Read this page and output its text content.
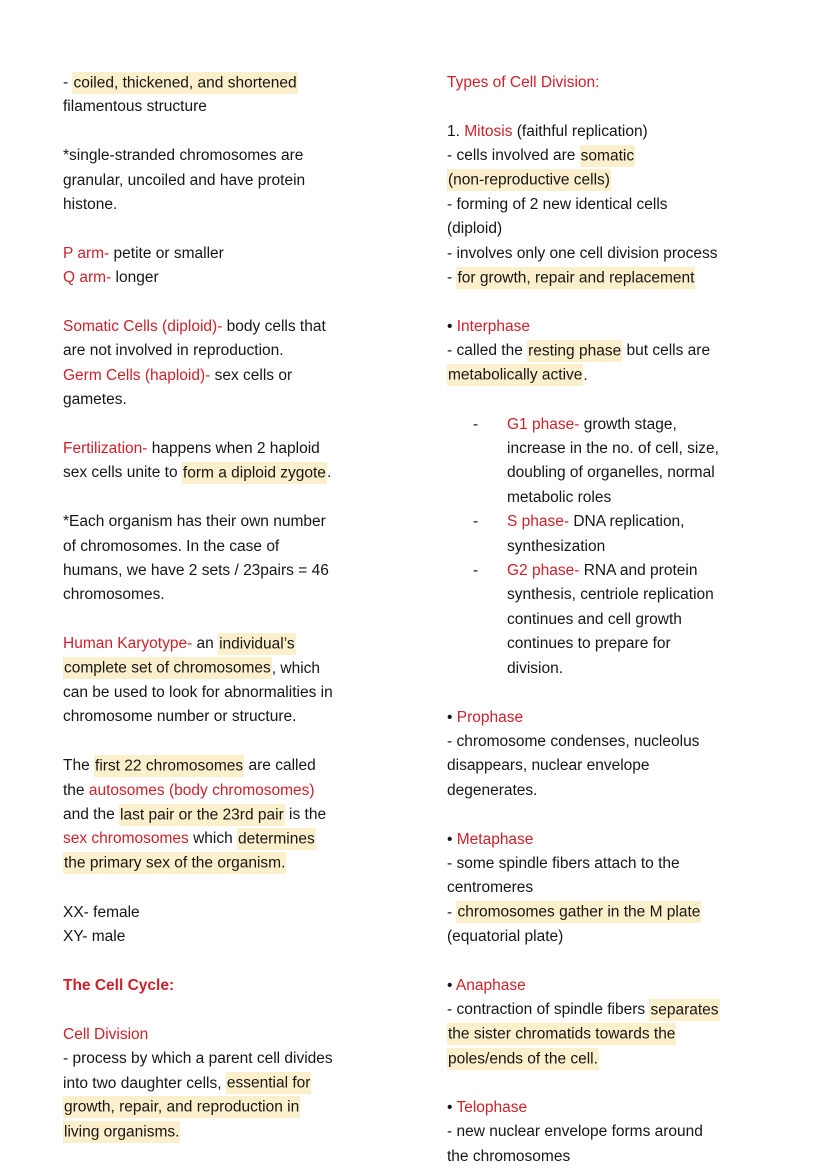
- coiled, thickened, and shortened
filamentous structure
*single-stranded chromosomes are
granular, uncoiled and have protein
histone.
P arm- petite or smaller
Q arm- longer
Somatic Cells (diploid)- body cells that
are not involved in reproduction.
Germ Cells (haploid)- sex cells or
gametes.
Fertilization- happens when 2 haploid
sex cells unite to form a diploid zygote.
*Each organism has their own number
of chromosomes. In the case of
humans, we have 2 sets / 23pairs = 46
chromosomes.
Human Karyotype- an individual’s
complete set of chromosomes, which
can be used to look for abnormalities in
chromosome number or structure.
The first 22 chromosomes are called
the autosomes (body chromosomes)
and the last pair or the 23rd pair is the
sex chromosomes which determines
the primary sex of the organism.
XX- female
XY- male
The Cell Cycle:
Cell Division
- process by which a parent cell divides
into two daughter cells, essential for
growth, repair, and reproduction in
living organisms.
Types of Cell Division:
1. Mitosis (faithful replication)
- cells involved are somatic
(non-reproductive cells)
- forming of 2 new identical cells
(diploid)
- involves only one cell division process
- for growth, repair and replacement
• Interphase
- called the resting phase but cells are
metabolically active.
- G1 phase- growth stage,
increase in the no. of cell, size,
doubling of organelles, normal
metabolic roles
- S phase- DNA replication,
synthesization
- G2 phase- RNA and protein
synthesis, centriole replication
continues and cell growth
continues to prepare for
division.
• Prophase
- chromosome condenses, nucleolus
disappears, nuclear envelope
degenerates.
• Metaphase
- some spindle fibers attach to the
centromeres
- chromosomes gather in the M plate
(equatorial plate)
• Anaphase
- contraction of spindle fibers separates
the sister chromatids towards the
poles/ends of the cell.
• Telophase
- new nuclear envelope forms around
the chromosomes
